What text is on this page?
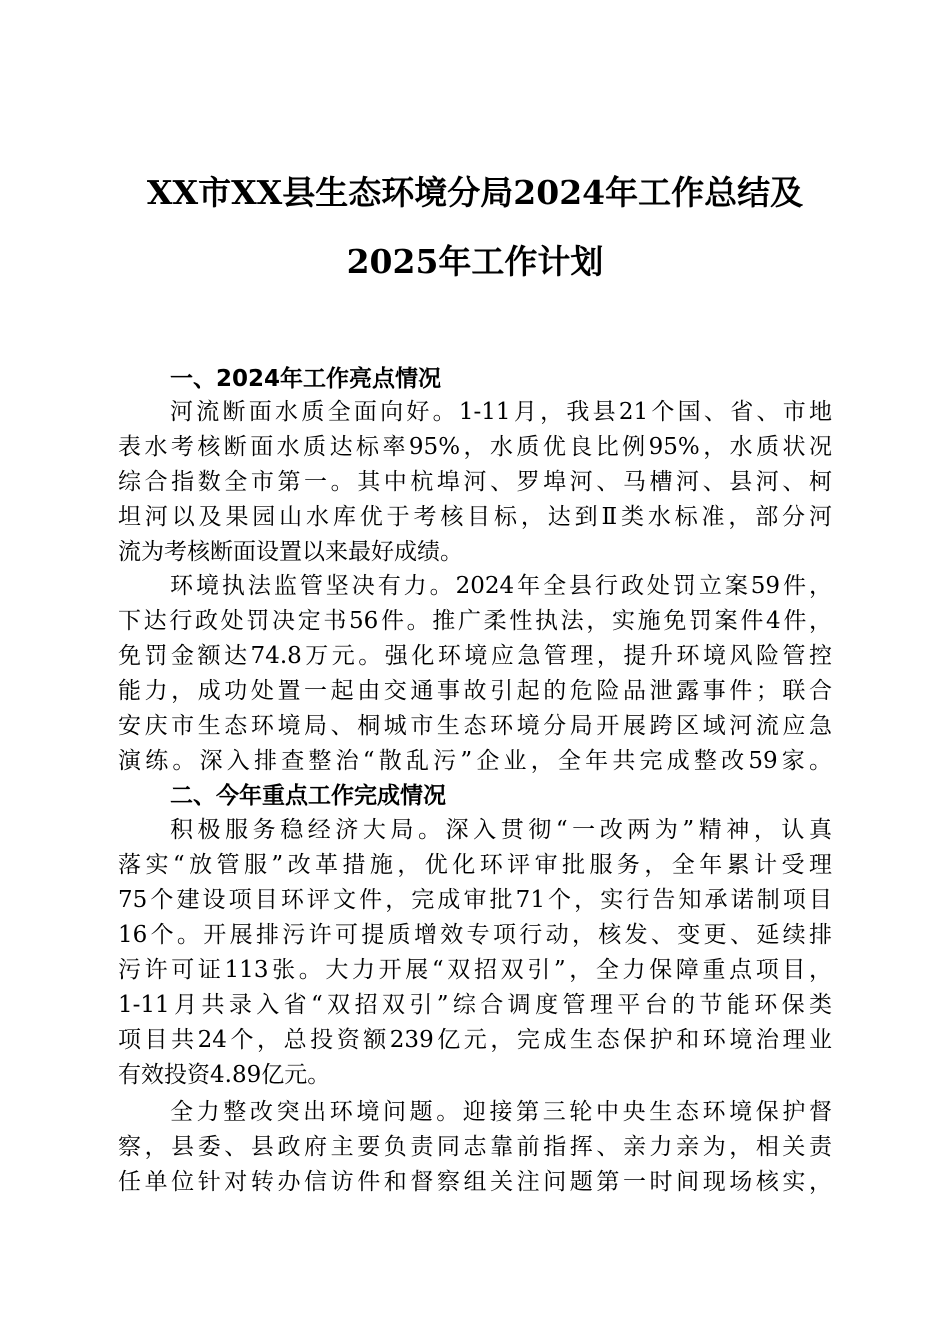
XX市XX县生态环境分局2024年工作总结及
2025年工作计划
一、2024年工作亮点情况
河流断面水质全面向好。1-11月，我县21个国、省、市地
表水考核断面水质达标率95%，水质优良比例95%，水质状况
综合指数全市第一。其中杭埠河、罗埠河、马槽河、县河、柯
坦河以及果园山水库优于考核目标，达到Ⅱ类水标准，部分河
流为考核断面设置以来最好成绩。
环境执法监管坚决有力。2024年全县行政处罚立案59件，
下达行政处罚决定书56件。推广柔性执法，实施免罚案件4件，
免罚金额达74.8万元。强化环境应急管理，提升环境风险管控
能力，成功处置一起由交通事故引起的危险品泄露事件；联合
安庆市生态环境局、桐城市生态环境分局开展跨区域河流应急
演练。深入排查整治“散乱污”企业，全年共完成整改59家。
二、今年重点工作完成情况
积极服务稳经济大局。深入贯彻“一改两为”精神，认真
落实“放管服”改革措施，优化环评审批服务，全年累计受理
75个建设项目环评文件，完成审批71个，实行告知承诺制项目
16个。开展排污许可提质增效专项行动，核发、变更、延续排
污许可证113张。大力开展“双招双引”，全力保障重点项目，
1-11月共录入省“双招双引”综合调度管理平台的节能环保类
项目共24个，总投资额239亿元，完成生态保护和环境治理业
有效投资4.89亿元。
全力整改突出环境问题。迎接第三轮中央生态环境保护督
察，县委、县政府主要负责同志靠前指挥、亲力亲为，相关责
任单位针对转办信访件和督察组关注问题第一时间现场核实，
